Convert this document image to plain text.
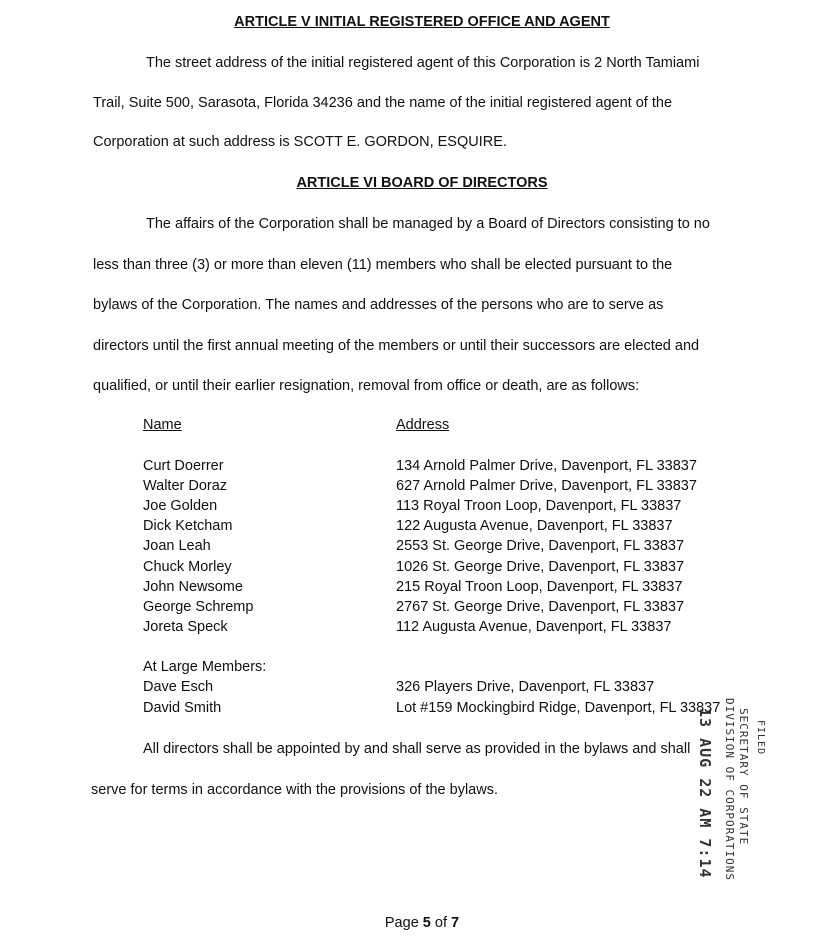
ARTICLE V INITIAL REGISTERED OFFICE AND AGENT
The street address of the initial registered agent of this Corporation is 2 North Tamiami
Trail, Suite 500, Sarasota, Florida 34236 and the name of the initial registered agent of the
Corporation at such address is SCOTT E. GORDON, ESQUIRE.
ARTICLE VI BOARD OF DIRECTORS
The affairs of the Corporation shall be managed by a Board of Directors consisting to no
less than three (3) or more than eleven (11) members who shall be elected pursuant to the
bylaws of the Corporation. The names and addresses of the persons who are to serve as
directors until the first annual meeting of the members or until their successors are elected and
qualified, or until their earlier resignation, removal from office or death, are as follows:
Name	Address
Curt Doerrer	134 Arnold Palmer Drive, Davenport, FL 33837
Walter Doraz	627 Arnold Palmer Drive, Davenport, FL 33837
Joe Golden	113 Royal Troon Loop, Davenport, FL 33837
Dick Ketcham	122 Augusta Avenue, Davenport, FL 33837
Joan Leah	2553 St. George Drive, Davenport, FL 33837
Chuck Morley	1026 St. George Drive, Davenport, FL 33837
John Newsome	215 Royal Troon Loop, Davenport, FL 33837
George Schremp	2767 St. George Drive, Davenport, FL 33837
Joreta Speck	112 Augusta Avenue, Davenport, FL 33837
At Large Members:
Dave Esch	326 Players Drive, Davenport, FL 33837
David Smith	Lot #159 Mockingbird Ridge, Davenport, FL 33837
All directors shall be appointed by and shall serve as provided in the bylaws and shall
serve for terms in accordance with the provisions of the bylaws.	13 AUG 22 AM 7:14 SECRETARY OF STATE
DIVISION OF CORPORATIONS FILED
Page 5 of 7
